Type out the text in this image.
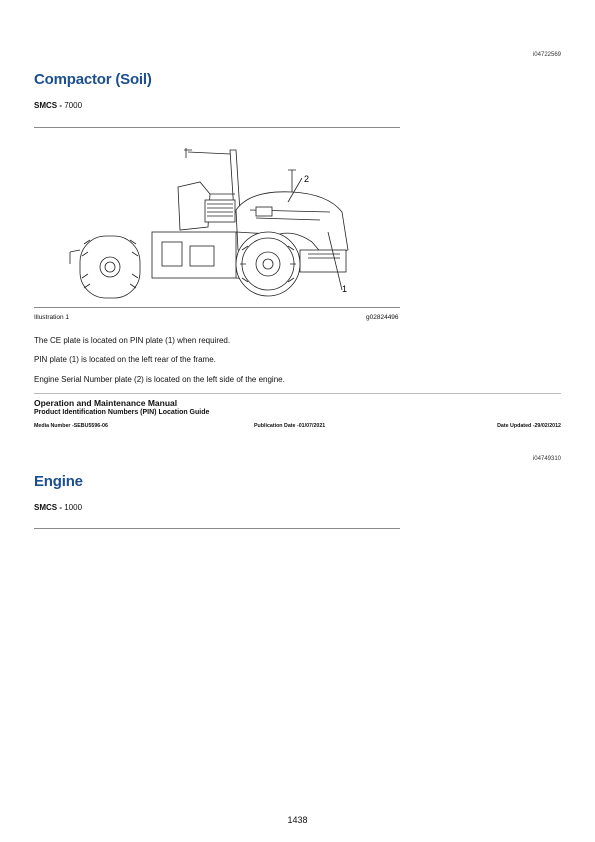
i04722569
Compactor (Soil)
SMCS - 7000
1
2
Illustration 1	g02824496
The CE plate is located on PIN plate (1) when required.
PIN plate (1) is located on the left rear of the frame.
Engine Serial Number plate (2) is located on the left side of the engine.
Operation and Maintenance Manual
Product Identification Numbers (PIN) Location Guide
Media Number -SEBU5596-06	Publication Date -01/07/2021	Date Updated -29/02/2012
i04749310
Engine
SMCS - 1000
1438
